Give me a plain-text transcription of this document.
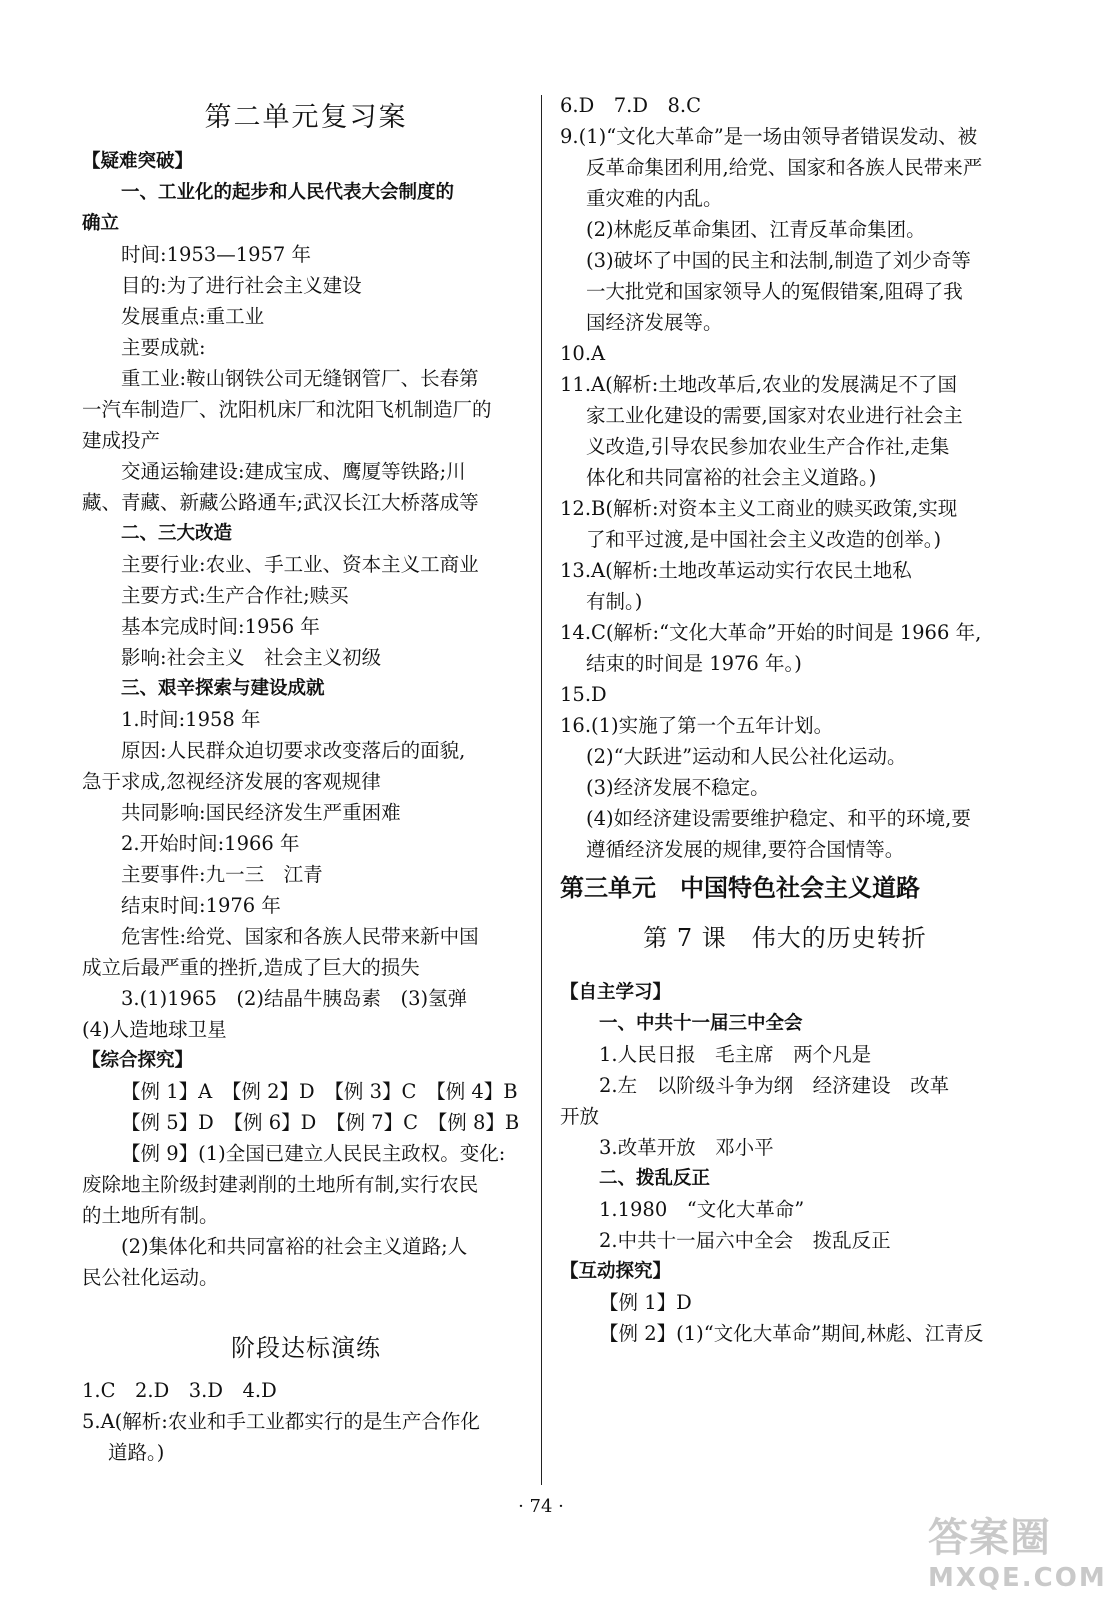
第二单元复习案
【疑难突破】
一、工业化的起步和人民代表大会制度的
确立
时间:1953—1957 年
目的:为了进行社会主义建设
发展重点:重工业
主要成就:
重工业:鞍山钢铁公司无缝钢管厂、长春第
一汽车制造厂、沈阳机床厂和沈阳飞机制造厂的
建成投产
交通运输建设:建成宝成、鹰厦等铁路;川
藏、青藏、新藏公路通车;武汉长江大桥落成等
二、三大改造
主要行业:农业、手工业、资本主义工商业
主要方式:生产合作社;赎买
基本完成时间:1956 年
影响:社会主义　社会主义初级
三、艰辛探索与建设成就
1.时间:1958 年
原因:人民群众迫切要求改变落后的面貌,
急于求成,忽视经济发展的客观规律
共同影响:国民经济发生严重困难
2.开始时间:1966 年
主要事件:九一三　江青
结束时间:1976 年
危害性:给党、国家和各族人民带来新中国
成立后最严重的挫折,造成了巨大的损失
3.(1)1965　(2)结晶牛胰岛素　(3)氢弹
(4)人造地球卫星
【综合探究】
【例 1】A　【例 2】D　【例 3】C　【例 4】B
【例 5】D　【例 6】D　【例 7】C　【例 8】B
【例 9】(1)全国已建立人民民主政权。变化:
废除地主阶级封建剥削的土地所有制,实行农民
的土地所有制。
(2)集体化和共同富裕的社会主义道路;人
民公社化运动。
阶段达标演练
1.C　2.D　3.D　4.D
5.A(解析:农业和手工业都实行的是生产合作化
道路。)
6.D　7.D　8.C
9.(1)“文化大革命”是一场由领导者错误发动、被
反革命集团利用,给党、国家和各族人民带来严
重灾难的内乱。
(2)林彪反革命集团、江青反革命集团。
(3)破坏了中国的民主和法制,制造了刘少奇等
一大批党和国家领导人的冤假错案,阻碍了我
国经济发展等。
10.A
11.A(解析:土地改革后,农业的发展满足不了国
家工业化建设的需要,国家对农业进行社会主
义改造,引导农民参加农业生产合作社,走集
体化和共同富裕的社会主义道路。)
12.B(解析:对资本主义工商业的赎买政策,实现
了和平过渡,是中国社会主义改造的创举。)
13.A(解析:土地改革运动实行农民土地私
有制。)
14.C(解析:“文化大革命”开始的时间是 1966 年,
结束的时间是 1976 年。)
15.D
16.(1)实施了第一个五年计划。
(2)“大跃进”运动和人民公社化运动。
(3)经济发展不稳定。
(4)如经济建设需要维护稳定、和平的环境,要
遵循经济发展的规律,要符合国情等。
第三单元　中国特色社会主义道路
第 7 课　伟大的历史转折
【自主学习】
一、中共十一届三中全会
1.人民日报　毛主席　两个凡是
2.左　以阶级斗争为纲　经济建设　改革
开放
3.改革开放　邓小平
二、拨乱反正
1.1980　“文化大革命”
2.中共十一届六中全会　拨乱反正
【互动探究】
【例 1】D
【例 2】(1)“文化大革命”期间,林彪、江青反
· 74 ·
答案圈
MXQE.COM
